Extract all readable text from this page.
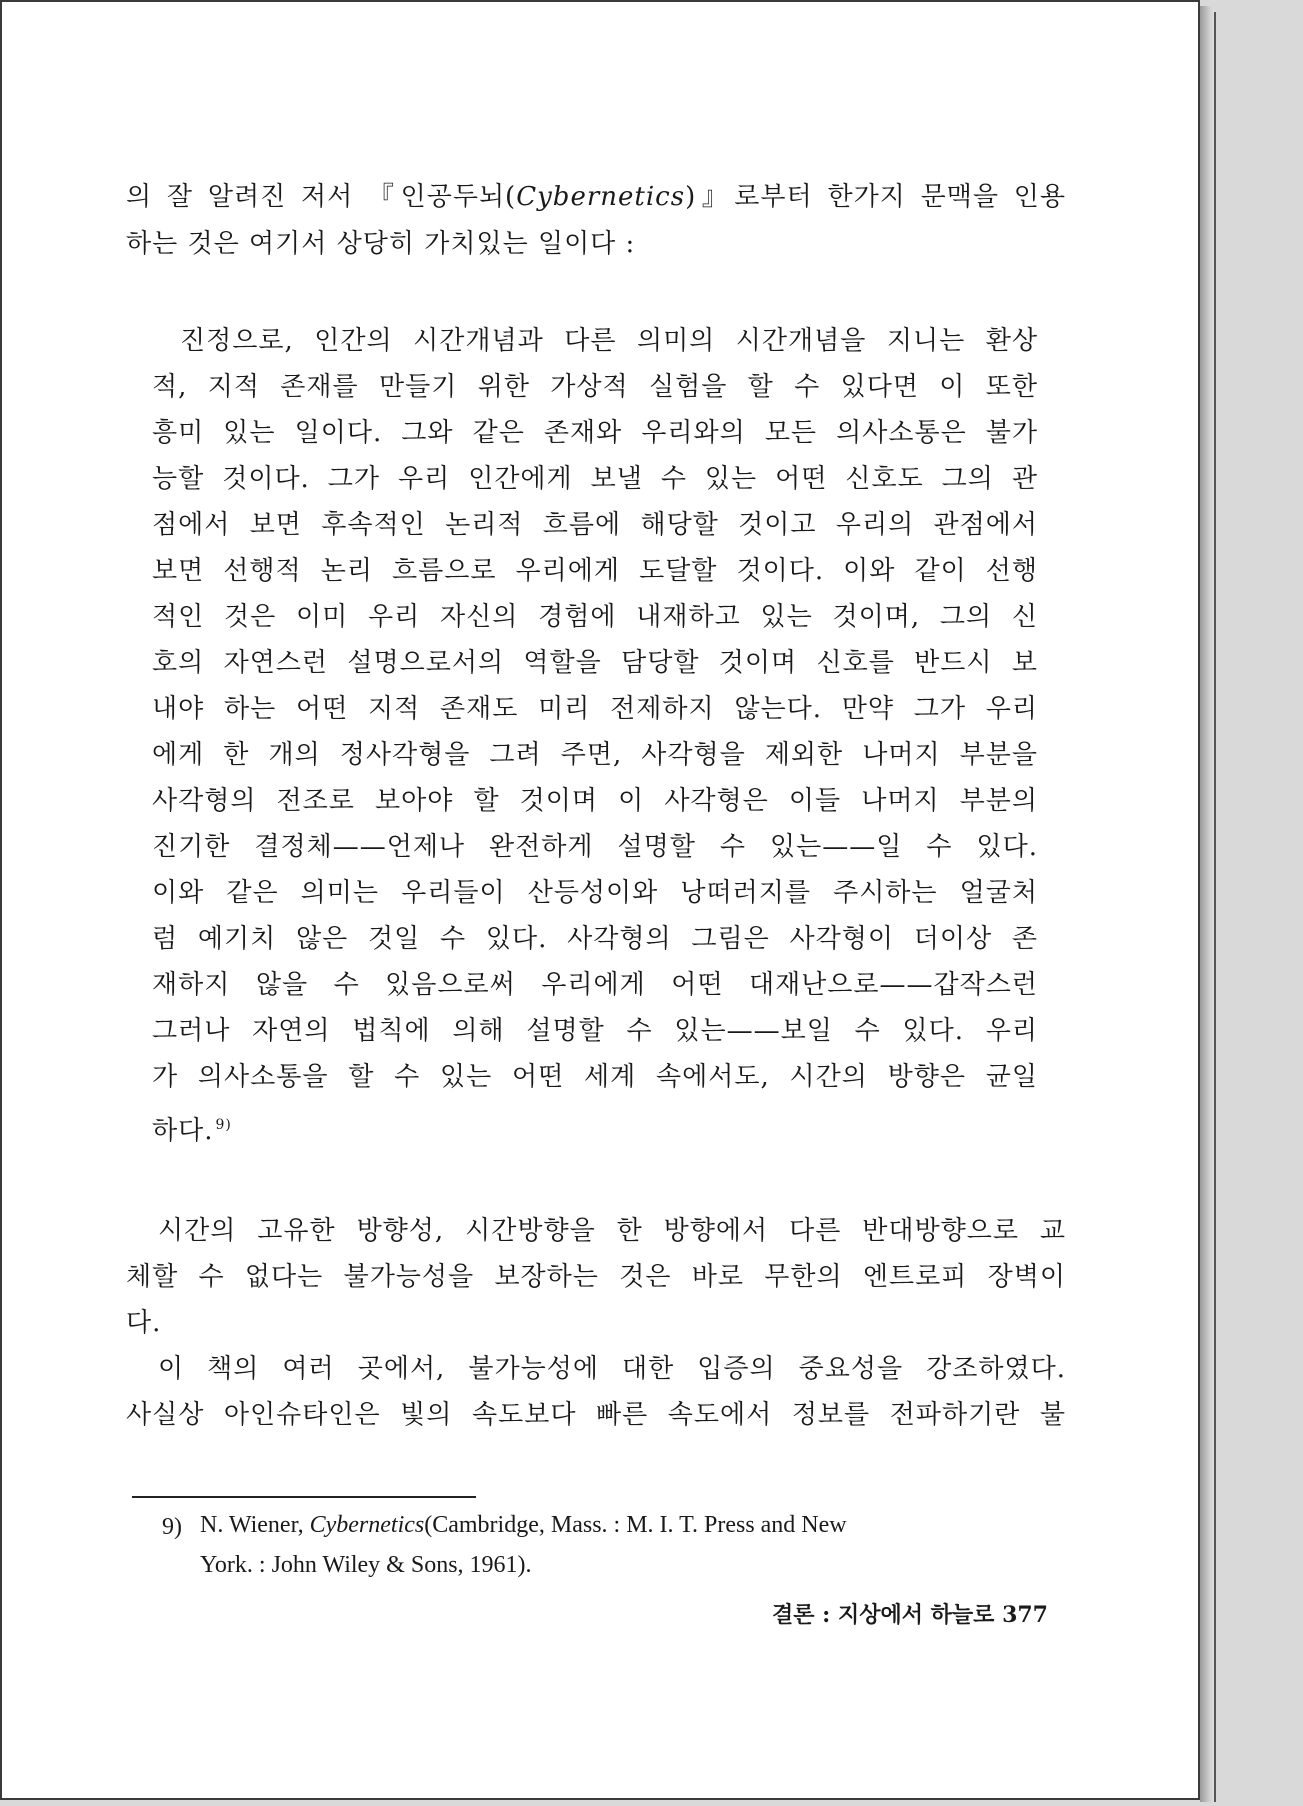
의 잘 알려진 저서 『인공두뇌(Cybernetics)』로부터 한가지 문맥을 인용
하는 것은 여기서 상당히 가치있는 일이다 :
진정으로, 인간의 시간개념과 다른 의미의 시간개념을 지니는 환상
적, 지적 존재를 만들기 위한 가상적 실험을 할 수 있다면 이 또한
흥미 있는 일이다. 그와 같은 존재와 우리와의 모든 의사소통은 불가
능할 것이다. 그가 우리 인간에게 보낼 수 있는 어떤 신호도 그의 관
점에서 보면 후속적인 논리적 흐름에 해당할 것이고 우리의 관점에서
보면 선행적 논리 흐름으로 우리에게 도달할 것이다. 이와 같이 선행
적인 것은 이미 우리 자신의 경험에 내재하고 있는 것이며, 그의 신
호의 자연스런 설명으로서의 역할을 담당할 것이며 신호를 반드시 보
내야 하는 어떤 지적 존재도 미리 전제하지 않는다. 만약 그가 우리
에게 한 개의 정사각형을 그려 주면, 사각형을 제외한 나머지 부분을
사각형의 전조로 보아야 할 것이며 이 사각형은 이들 나머지 부분의
진기한 결정체——언제나 완전하게 설명할 수 있는——일 수 있다.
이와 같은 의미는 우리들이 산등성이와 낭떠러지를 주시하는 얼굴처
럼 예기치 않은 것일 수 있다. 사각형의 그림은 사각형이 더이상 존
재하지 않을 수 있음으로써 우리에게 어떤 대재난으로——갑작스런
그러나 자연의 법칙에 의해 설명할 수 있는——보일 수 있다. 우리
가 의사소통을 할 수 있는 어떤 세계 속에서도, 시간의 방향은 균일
하다. $^{9)}$
시간의 고유한 방향성, 시간방향을 한 방향에서 다른 반대방향으로 교
체할 수 없다는 불가능성을 보장하는 것은 바로 무한의 엔트로피 장벽이
다.
이 책의 여러 곳에서, 불가능성에 대한 입증의 중요성을 강조하였다.
사실상 아인슈타인은 빛의 속도보다 빠른 속도에서 정보를 전파하기란 불
9) N. Wiener, Cybernetics(Cambridge, Mass. : M. I. T. Press and New
York. : John Wiley & Sons, 1961).
결론 : 지상에서 하늘로 377
